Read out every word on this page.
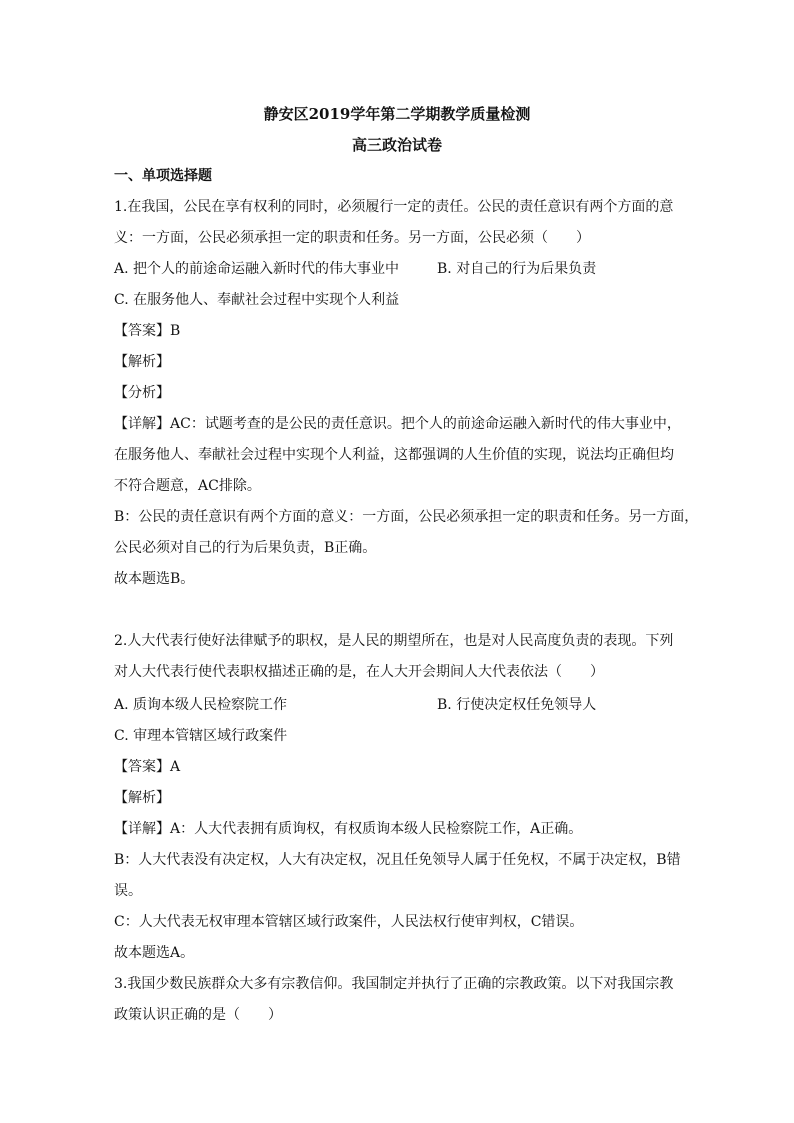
静安区2019学年第二学期教学质量检测
高三政治试卷
一、单项选择题
1.在我国，公民在享有权利的同时，必须履行一定的责任。公民的责任意识有两个方面的意
义：一方面，公民必须承担一定的职责和任务。另一方面，公民必须（　　）
A. 把个人的前途命运融入新时代的伟大事业中	B. 对自己的行为后果负责
C. 在服务他人、奉献社会过程中实现个人利益
【答案】B
【解析】
【分析】
【详解】AC：试题考查的是公民的责任意识。把个人的前途命运融入新时代的伟大事业中，
在服务他人、奉献社会过程中实现个人利益，这都强调的人生价值的实现，说法均正确但均
不符合题意，AC排除。
B：公民的责任意识有两个方面的意义：一方面，公民必须承担一定的职责和任务。另一方面，
公民必须对自己的行为后果负责，B正确。
故本题选B。
2.人大代表行使好法律赋予的职权，是人民的期望所在，也是对人民高度负责的表现。下列
对人大代表行使代表职权描述正确的是，在人大开会期间人大代表依法（　　）
A. 质询本级人民检察院工作	B. 行使决定权任免领导人
C. 审理本管辖区域行政案件
【答案】A
【解析】
【详解】A：人大代表拥有质询权，有权质询本级人民检察院工作，A正确。
B：人大代表没有决定权，人大有决定权，况且任免领导人属于任免权，不属于决定权，B错
误。
C：人大代表无权审理本管辖区域行政案件，人民法权行使审判权，C错误。
故本题选A。
3.我国少数民族群众大多有宗教信仰。我国制定并执行了正确的宗教政策。以下对我国宗教
政策认识正确的是（　　）
